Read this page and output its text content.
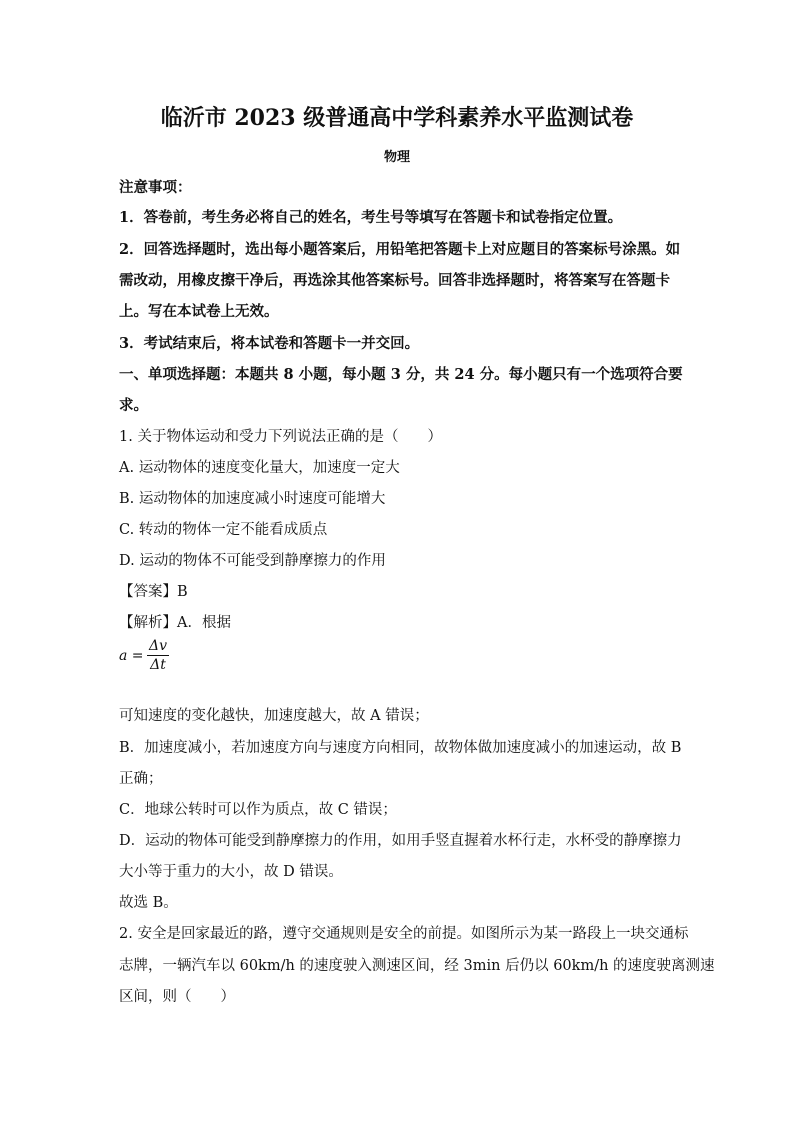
临沂市 2023 级普通高中学科素养水平监测试卷
物理
注意事项：
1．答卷前，考生务必将自己的姓名，考生号等填写在答题卡和试卷指定位置。
2．回答选择题时，选出每小题答案后，用铅笔把答题卡上对应题目的答案标号涂黑。如
需改动，用橡皮擦干净后，再选涂其他答案标号。回答非选择题时，将答案写在答题卡
上。写在本试卷上无效。
3．考试结束后，将本试卷和答题卡一并交回。
一、单项选择题：本题共 8 小题，每小题 3 分，共 24 分。每小题只有一个选项符合要
求。
1. 关于物体运动和受力下列说法正确的是（　　）
A. 运动物体的速度变化量大，加速度一定大
B. 运动物体的加速度减小时速度可能增大
C. 转动的物体一定不能看成质点
D. 运动的物体不可能受到静摩擦力的作用
【答案】B
【解析】A．根据
$a = \frac{\Delta v}{\Delta t}$
可知速度的变化越快，加速度越大，故 A 错误；
B．加速度减小，若加速度方向与速度方向相同，故物体做加速度减小的加速运动，故 B
正确；
C．地球公转时可以作为质点，故 C 错误；
D．运动的物体可能受到静摩擦力的作用，如用手竖直握着水杯行走，水杯受的静摩擦力
大小等于重力的大小，故 D 错误。
故选 B。
2. 安全是回家最近的路，遵守交通规则是安全的前提。如图所示为某一路段上一块交通标
志牌，一辆汽车以 60km/h 的速度驶入测速区间，经 3min 后仍以 60km/h 的速度驶离测速
区间，则（　　）
